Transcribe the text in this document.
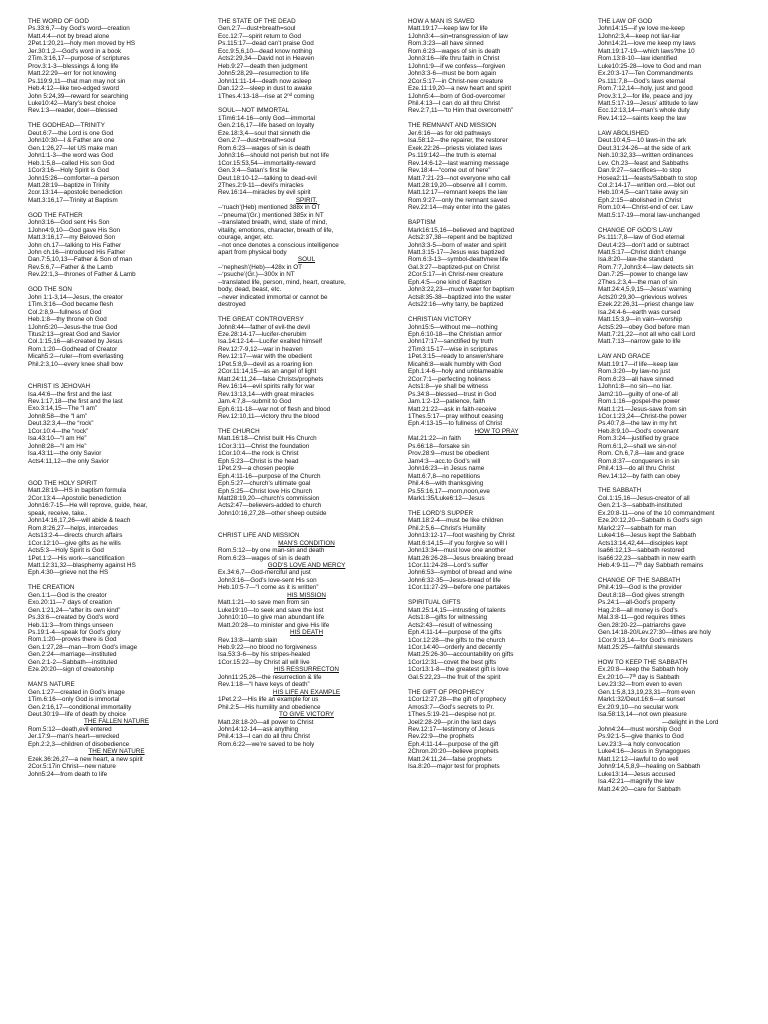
THE WORD OF GOD
Ps.33:6,7—by God’s word—creation
Matt.4:4—not by bread alone
2Pet.1:20,21—holy men moved by HS
Jer.30:1,2—God’s word in a book
2Tim.3:16,17—purpose of scriptures
Prov.3:1-3—blessings & long life
Matt.22:29—err for not knowing
Ps.119:9,11—that man may not sin
Heb.4:12—like two-edged sword
John 5:24,39—reward for searching
Luke10:42—Mary’s best choice
Rev.1:3—reader, doer—blessed
THE GODHEAD—TRINITY
Deut.6:7—the Lord is one God
John10:30—I & Father are one
Gen.1:26,27—let US make man
John1:1-3—the word was God
Heb.1:5,8—called His son God
1Cor3:16—Holy Spirit is God
John15:26—comforter--a person
Matt.28:19—baptize in Trinity
2cor.13:14—apostolic benediction
Matt.3:16,17—Trinity at Baptism
GOD THE FATHER
John3:16—God sent His Son
1John4:9,10—God gave His Son
Matt.3:16,17—my Beloved Son
John ch.17—talking to His Father
John ch.16—introduced His Father
Dan.7:5,10,13—Father & Son of man
Rev.5:6,7—Father & the Lamb
Rev.22:1,3—thrones of Father & Lamb
GOD THE SON
John 1:1-3,14—Jesus, the creator
1Tim.3:16—God became flesh
Col.2:8,9—fullness of God
Heb.1:8—thy throne oh God
1John5:20—Jesus-the true God
Titus2:13—great God and Savior
Col.1:15,16—all-created by Jesus
Rom.1:20—Godhead of Creator
Micah5:2—ruler—from everlasting
Phil.2:3,10—every knee shall bow
CHRIST IS JEHOVAH
Isa.44:6—the first and the last
Rev.1:17,18—the first and the last
Exo.3:14,15—The “I am”
John8:58—the “I am”
Deut.32:3,4—the “rock”
1Cor.10:4—the “rock”
Isa.43:10—“I am He”
John8:28—“I am He”
Isa.43:11—the only Savior
Acts4:11,12—the only Savior
GOD THE HOLY SPIRIT
Matt.28:19—HS in baptism formula
2Cor.13:4—Apostolic benediction
John16:7-15—He will reprove, guide, hear,
speak, receive, take..
John14:16,17,26—will abide & teach
Rom.8:26,27—helps, intercedes
Acts13:2-4—directs church affairs
1Cor.12:10—give gifts as he wills
Acts5:3—Holy Spirit is God
1Pet.1:2—His work—sanctification
Matt.12:31,32—blasphemy against HS
Eph.4:30—grieve not the HS
THE CREATION
Gen.1:1—God is the creator
Exo.20:11—7 days of creation
Gen.1:21,24—“after its own kind”
Ps.33:6—created by God’s word
Heb.11:3—from things unseen
Ps.19:1-4—speak for God’s glory
Rom.1:20—proves there is God
Gen.1:27,28—man—from God’s image
Gen.2:24—marriage—instituted
Gen.2:1-2—Sabbath—instituted
Eze.20:20—sign of creatorship
MAN’S NATURE
Gen.1:27—created in God’s image
1Tim.6:16—only God is immortal
Gen.2:16,17—conditional immortality
Deut.30:19—life of death by choice
THE FALLEN NATURE
Rom.5:12—death,evil entered
Jer.17:9—man’s heart—wrecked
Eph.2:2,3—children of disobedience
THE NEW NATURE
Ezek.36:26,27—a new heart, a new spirit
2Cor.5:17in Christ—new nature
John5:24—from death to life
THE STATE OF THE DEAD
Gen.2:7—dust+breath=soul
Ecc.12:7—spirit return to God
Ps.115:17—dead can’t praise God
Ecc.9:5,6,10—dead know nothing
Acts2:29,34—David not in Heaven
Heb.9:27—death then judgment
John5:28,29—resurrection to life
John11:11-14—death now asleep
Dan.12:2—sleep in dust to awake
1Thes.4:13-18—rise at 2nd coming
SOUL—NOT IMMORTAL
1Tim6:14-16—only God—immortal
Gen.2:16,17—life based on loyalty
Eze.18:3,4—soul that sinneth die
Gen.2:7—dust+breath=soul
Rom.6:23—wages of sin is death
John3:16—should not perish but not life
1Cor.15:53,54—immortality-reward
Gen.3:4—Satan’s first lie
Deut.18:10-12—talking to dead-evil
2Thes.2:9-11—devil’s miracles
Rev.16:14—miracles by evil spirit
SPIRIT.
--‘ruach’(Heb) mentioned 388x in OT
--‘pneuma’(Gr.) mentioned 385x in NT
--translated breath, wind, state of mind,
vitality, emotions, character, breath of life,
courage, anger, etc.
--not once denotes a conscious intelligence
apart from physical body
SOUL
--‘nephesh’(Heb)—428x in OT
--‘psuche’(Gr.)—300x in NT
--translated life, person, mind, heart, creature,
body, dead, beast, etc.
--never indicated immortal or cannot be
destroyed
THE GREAT CONTROVERSY
John8:44—father of evil-the devil
Eze.28:14-17—lucifer-cherubim
Isa.14:12-14—Lucifer exalted himself
Rev.12:7-9,12—war in heaven
Rev.12:17—war with the obedient
1Pet.5:8,9—devil as a roaring lion
2Cor.11:14,15—as an angel of light
Matt.24:11,24—false Christs/prophets
Rev.16:14—evil spirits rally for war
Rev.13:13,14—with great miracles
Jam.4:7,8—submit to God
Eph.6:11-18—war not of flesh and blood
Rev.12:10,11—victory thru the blood
THE CHURCH
Matt.16:18—Christ built His Church
1Cor.3:11—Christ the foundation
1Cor.10:4—the rock is Christ
Eph.5:23—Christ is the head
1Pet.2:9—a chosen people
Eph.4:11-16—purpose of the Church
Eph.5:27—church’s ultimate goal
Eph.5:25—Christ love His Church
Matt28:19,20—church’s commission
Acts2:47—believers-added to church
John10:16,27,28—other sheep outside
CHRIST LIFE AND MISSION
MAN’S CONDITION
Rom.5:12—by one man-sin and death
Rom.6:23—wages of sin is death
GOD’S LOVE AND MERCY
Ex.34:6,7—God-merciful and just
John3:16—God’s love-sent His son
Heb.10:5-7—“I come as it is written”
HIS MISSION
Matt.1:21—to save men from sin
Luke19:10—to seek and save the lost
John10:10—to give man abundant life
Matt.20:28—to minister and give His life
HIS DEATH
Rev.13:8—lamb slain
Heb.9:22—no blood no forgiveness
Isa.53:3-6—by his stripes-healed
1Cor.15:22—by Christ all will live
HIS RESSURRECTON
John11:25,26—the resurrection & life
Rev.1:18—“I have keys of death”
HIS LIFE AN EXAMPLE
1Pet.2:2—His life an example for us
Phil.2:5—His humility and obedience
TO GIVE VICTORY
Matt.28:18-20—all power to Christ
John14:12-14—ask anything
Phil.4:13—I can do all thru Christ
Rom.6:22—we’re saved to be holy
HOW A MAN IS SAVED
Matt.19:17—keep law for life
1John3:4—sin=transgression of law
Rom.3:23—all have sinned
Rom.6:23—wages of sin is death
John3:16—life thru faith in Christ
1John1:9—if we confess—forgiven
John3:3-6—must be born again
2Cor.5:17—in Christ-new creature
Eze.11:19,20—a new heart and spirit
1John5:4—born of God-overcomer
Phil.4:13—I can do all thru Christ
Rev.2:7,11—“to Him that overcometh”
THE REMNANT AND MISSION
Jer.6:16—as for old pathways
Isa.58:12—the repairer, the restorer
Exek.22:26—priests violated laws
Ps.119:142—the truth is eternal
Rev.14:6-12—last warning message
Rev.18:4—“come out of here”
Matt.7:21-23—not everyone who call
Matt.28:19,20—observe all I comm.
Matt.12:17—remnant keeps the law
Rom.9:27—only the remnant saved
Rev.22:14—may enter into the gates
BAPTISM
Mark16:15,16—believed and baptized
Acts2:37,38—repent and be baptized
John3:3-5—born of water and spirit
Matt.3:15-17—Jesus was baptized
Rom.6:3-13—symbol-death/new life
Gal.3:27—baptized-put on Christ
2Cor.5:17—in Christ-new creature
Eph.4:5—one kind of Baptism
John3:22,23—much water for baptism
Acts8:35-38—baptized into the water
Acts22:16—why tarry, be baptized
CHRISTIAN VICTORY
John15:5—without me—nothing
Eph.6:10-18—the Christian armor
John17:17—sanctified by truth
2Tim3:15-17—wise in scriptures
1Pet.3:15—ready to answer/share
Micah6:8—walk humbly with God
Eph.1:4-6—holy and unblameable
2Cor.7:1—perfecting holiness
Acts1:8—ye shall be witness
Ps.34:8—blessed—trust in God
Jam.1:2-12—patience, faith
Matt.21:22—ask in faith-receive
1Thes.5:17—pray without ceasing
Eph.4:13-15—to fullness of Christ
HOW TO PRAY
Mat.21:22—in faith
Ps.66:18—forsake sin
Prov.28:9—must be obedient
Jam4:3—acc.to God’s will
John16:23—in Jesus name
Matt.6:7,8—no repetitions
Phil.4:6—with thanksgiving
Ps.55:16,17—morn,noon,eve
Mark1:35/Luke6:12—Jesus
THE LORD’S SUPPER
Matt.18:2-4—must be like children
Phil.2:5,6—Christ’s Humility
John13:12-17—foot washing by Christ
Matt.6:14,15—if you forgive so will I
John13:34—must love one another
Matt.26:26-28—Jesus breaking bread
1Cor.11:24-28—Lord’s suffer
John6:53—symbol of bread and wine
John6:32-35—Jesus-bread of life
1Cor.11:27-29—before one partakes
SPIRITUAL GIFTS
Matt.25:14,15—intrusting of talents
Acts1:8—gifts for witnessing
Acts2:43—result of witnessing
Eph.4:11-14—purpose of the gifts
1Cor.12:28—the gifts to the church
1Cor.14:40—orderly and decently
Matt.25:26-30—accountability on gifts
1Cor12:31—covet the best gifts
1Cor13:1-8—the greatest gift is love
Gal.5:22,23—the fruit of the spirit
THE GIFT OF PROPHECY
1Cor12:27,28—the gift of prophecy
Amos3:7—God’s secrets to Pr.
1Thes.5:19-21—despise not pr.
Joel2:28-29—pr.in the last days
Rev.12:17—testimony of Jesus
Rev.22:9—the prophets
Eph.4:11-14—purpose of the gift
2Chron.20:20—believe prophets
Matt.24:11,24—false prophets
Isa.8:20—major test for prophets
THE LAW OF GOD
John14:15—if ye love me-keep
1John2:3,4—keep not liar-liar
John14:21—love me keep my laws
Matt.19:17-19—which laws?the 10
Rom.13:8-10—law identified
Luke10:25-28—love to God and man
Ex.20:3-17—Ten Commandments
Ps.111:7,8—God’s laws eternal
Rom.7:12,14—holy, just and good
Prov.3:1,2—for life, peace and joy
Matt.5:17-19—Jesus’ attitude to law
Ecc.12:13,14—man’s whole duty
Rev.14:12—saints keep the law
LAW ABOLISHED
Deut.10:4,5—10 laws-in the ark
Deut.31:24-26—at the side of ark
Neh.10:32,33—written ordinances
Lev. Ch.23—feast and Sabbaths
Dan.9:27—sacrifices—to stop
Hosea2:11—feasts/Sabbath to stop
Col.2:14-17—written ord.—blot out
Heb.10:4,5—can’t take away sin
Eph.2:15—abolished in Christ
Rom.10:4—Christ-end of cer. Law
Matt.5:17-19—moral law-unchanged
CHANGE OF GOD’S LAW
Ps.111:7,8—law of God eternal
Deut.4:23—don’t add or subtract
Matt.5:17—Christ didn’t change
Isa.8:20—law-the standard
Rom.7:7,John3:4—law detects sin
Dan.7:25—power to change law
2Thes.2:3,4—the man of sin
Matt.24:4,5,9,15—Jesus’ warning
Acts20:29,30—grievious wolves
Ezek.22:26,31—priest change law
Isa.24:4-6—earth was cursed
Matt.15:3,9—in vain—worship
Acts5:29—obey God before man
Matt.7:21,22—not all who call Lord
Matt.7:13—narrow gate to life
LAW AND GRACE
Matt.19:17—if life—keep law
Rom.3:20—by law-no just
Rom.6:23—all have sinned
1John1:8—no sin—no liar.
Jam2:10—guilty of one-of all
Rom.1:16—gospel-the power
Matt.1:21—Jesus-save from sin
1Cor.1:23,24—Christ-the power
Ps.40:7,8—the law in my hrt
Heb.8:9,10—God’s covenant
Rom.3:24—justified by grace
Rom.6:1,2—shall we sin-no!
Rom. Ch.6,7,8—law and grace
Rom.8:37—conquerers in sin
Phil.4:13—do all thru Christ
Rev.14:12—by faith can obey
THE SABBATH
Col.1:15,16—Jesus-creator of all
Gen.2:1-3—sabbath-instituted
Ex.20:8-11—one of the 10 commandment
Eze.20:12,20—Sabbath is God’s sign
Mark2:27—sabbath for man
Luke4:16—Jesus kept the Sabbath
Acts13:14,42,44—disciples kept
Isa66:12,13—sabbath restored
Isa66:22,23—sabbath in new earth
Heb.4:9-11—7th day Sabbath remains
CHANGE OF THE SABBATH
Phil.4:19—God is the provider
Deut.8:18—God gives strength
Ps.24:1—all-God’s property
Hag.2:8—all money is God’s
Mal.3:8-11—god requires tithes
Gen.28:20-22—patriarchs gave
Gen.14:18-20/Lev.27:30—tithes are holy
1Cor.9:13,14—for God’s ministers
Matt.25:25—faithful stewards
HOW TO KEEP THE SABBATH
Ex.20:8—keep the Sabbath holy
Ex.20:10—7th day is Sabbath
Lev.23:32—from even to even
Gen.1:5,8,13,19,23,31—from even
Mark1:32/Deut.16:6—at sunset
Ex.20:9,10—no secular work
Isa.58:13,14—not own pleasure
—delight in the Lord
John4:24—must worship God
Ps.92:1-5—give thanks to God
Lev.23:3—a holy convocation
Luke4:16—Jesus in Synagogues
Matt.12:12—lawful to do well
John9:14,5,8,9—healing on Sabbath
Luke13:14—Jesus accused
Isa.42:21—magnify the law
Matt.24:20—care for Sabbath
